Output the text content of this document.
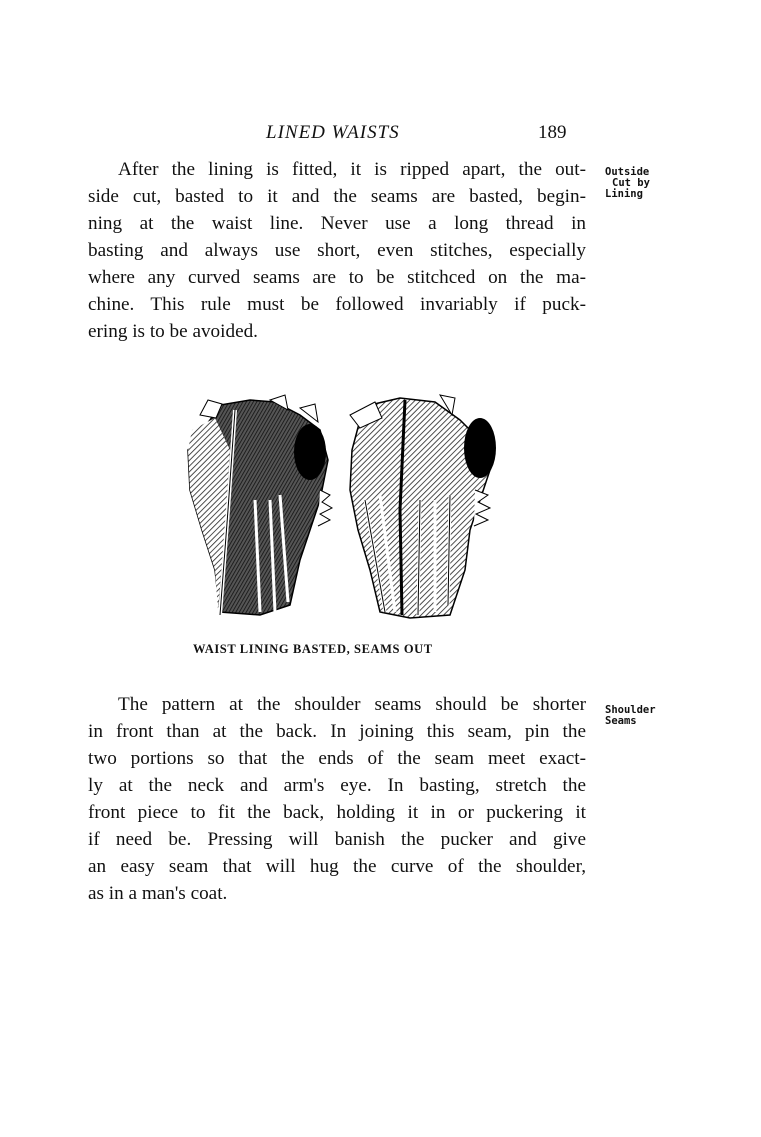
LINED WAISTS	189
After the lining is fitted, it is ripped apart, the out-
side cut, basted to it and the seams are basted, begin-
ning at the waist line. Never use a long thread in
basting and always use short, even stitches, especially
where any curved seams are to be stitchced on the ma-
chine. This rule must be followed invariably if puck-
ering is to be avoided.
Outside
Cut by
Lining
WAIST LINING BASTED, SEAMS OUT
The pattern at the shoulder seams should be shorter
in front than at the back. In joining this seam, pin the
two portions so that the ends of the seam meet exact-
ly at the neck and arm's eye. In basting, stretch the
front piece to fit the back, holding it in or puckering it
if need be. Pressing will banish the pucker and give
an easy seam that will hug the curve of the shoulder,
as in a man's coat.
Shoulder
Seams
